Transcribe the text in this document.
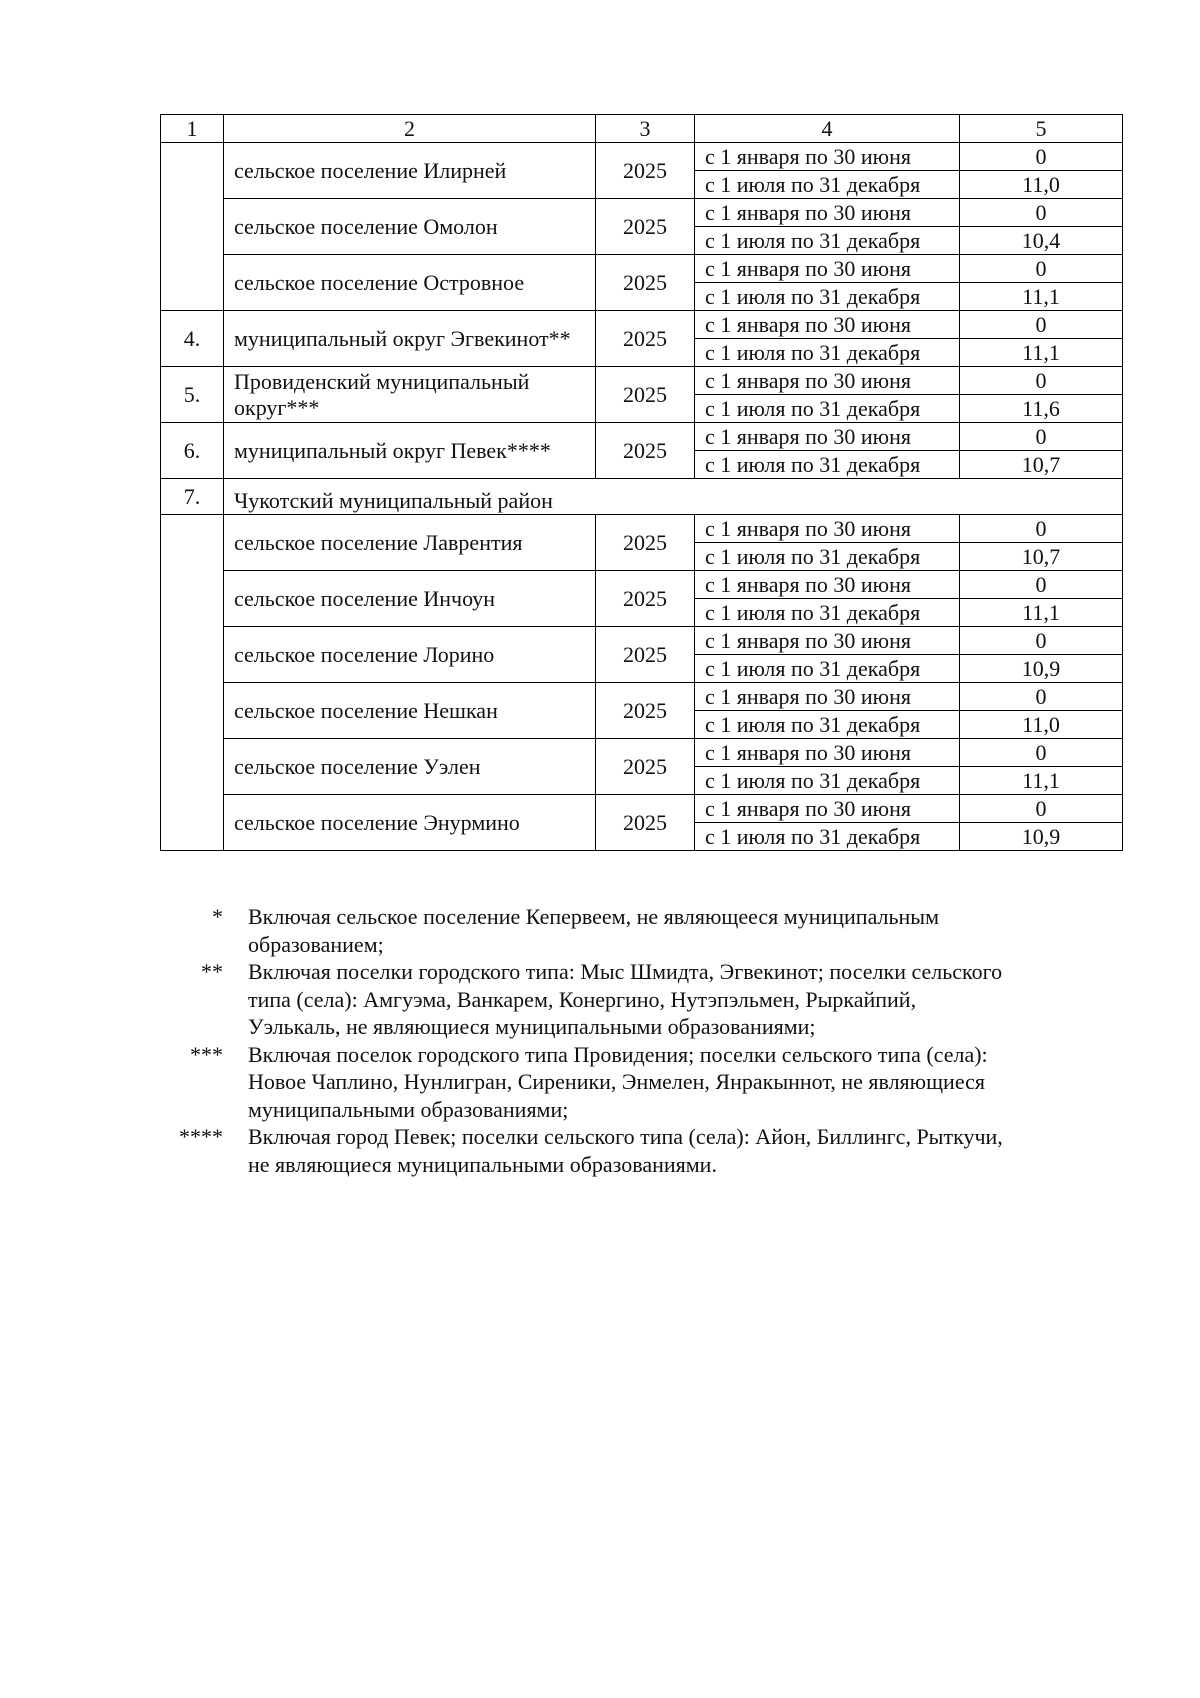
1	2	3	4	5
	сельское поселение Илирней	2025	с 1 января по 30 июня	0
			с 1 июля по 31 декабря	11,0
	сельское поселение Омолон	2025	с 1 января по 30 июня	0
			с 1 июля по 31 декабря	10,4
	сельское поселение Островное	2025	с 1 января по 30 июня	0
			с 1 июля по 31 декабря	11,1
4.	муниципальный округ Эгвекинот**	2025	с 1 января по 30 июня	0
			с 1 июля по 31 декабря	11,1
5.	Провиденский муниципальный округ***	2025	с 1 января по 30 июня	0
			с 1 июля по 31 декабря	11,6
6.	муниципальный округ Певек****	2025	с 1 января по 30 июня	0
			с 1 июля по 31 декабря	10,7
7.	Чукотский муниципальный район			
	сельское поселение Лаврентия	2025	с 1 января по 30 июня	0
			с 1 июля по 31 декабря	10,7
	сельское поселение Инчоун	2025	с 1 января по 30 июня	0
			с 1 июля по 31 декабря	11,1
	сельское поселение Лорино	2025	с 1 января по 30 июня	0
			с 1 июля по 31 декабря	10,9
	сельское поселение Нешкан	2025	с 1 января по 30 июня	0
			с 1 июля по 31 декабря	11,0
	сельское поселение Уэлен	2025	с 1 января по 30 июня	0
			с 1 июля по 31 декабря	11,1
	сельское поселение Энурмино	2025	с 1 января по 30 июня	0
			с 1 июля по 31 декабря	10,9
*	Включая сельское поселение Кепервеем, не являющееся муниципальным
образованием;
**	Включая поселки городского типа: Мыс Шмидта, Эгвекинот; поселки сельского
типа (села): Амгуэма, Ванкарем, Конергино, Нутэпэльмен, Рыркайпий,
Уэлькаль, не являющиеся муниципальными образованиями;
***	Включая поселок городского типа Провидения; поселки сельского типа (села):
Новое Чаплино, Нунлигран, Сиреники, Энмелен, Янракыннот, не являющиеся
муниципальными образованиями;
****	Включая город Певек; поселки сельского типа (села): Айон, Биллингс, Рыткучи,
не являющиеся муниципальными образованиями.
